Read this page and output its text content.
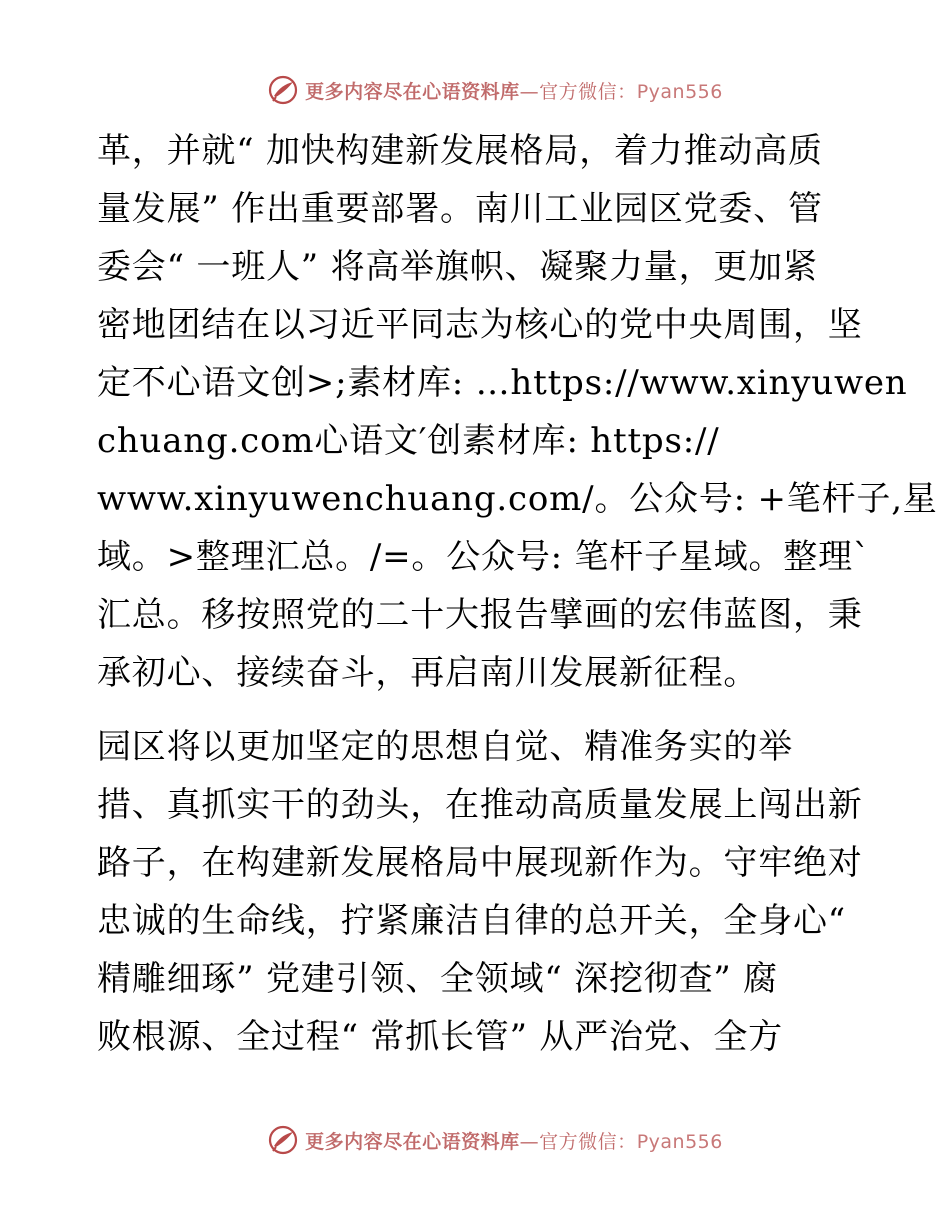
更多内容尽在心语资料库—官方微信：Pyan556
革，并就“ 加快构建新发展格局，着力推动高质
量发展” 作出重要部署。南川工业园区党委、管
委会“ 一班人” 将高举旗帜、凝聚力量，更加紧
密地团结在以习近平同志为核心的党中央周围，坚
定不心语文创>;素材库: …https://www.xinyuwen
chuang.com心语文′创素材库: https://
www.xinyuwenchuang.com/。公众号: +笔杆子,星
域。>整理汇总。/=。公众号: 笔杆子星域。整理`
汇总。移按照党的二十大报告擘画的宏伟蓝图，秉
承初心、接续奋斗，再启南川发展新征程。
园区将以更加坚定的思想自觉、精准务实的举
措、真抓实干的劲头，在推动高质量发展上闯出新
路子，在构建新发展格局中展现新作为。守牢绝对
忠诚的生命线，拧紧廉洁自律的总开关，全身心“
精雕细琢” 党建引领、全领域“ 深挖彻查” 腐
败根源、全过程“ 常抓长管” 从严治党、全方
更多内容尽在心语资料库—官方微信：Pyan556
